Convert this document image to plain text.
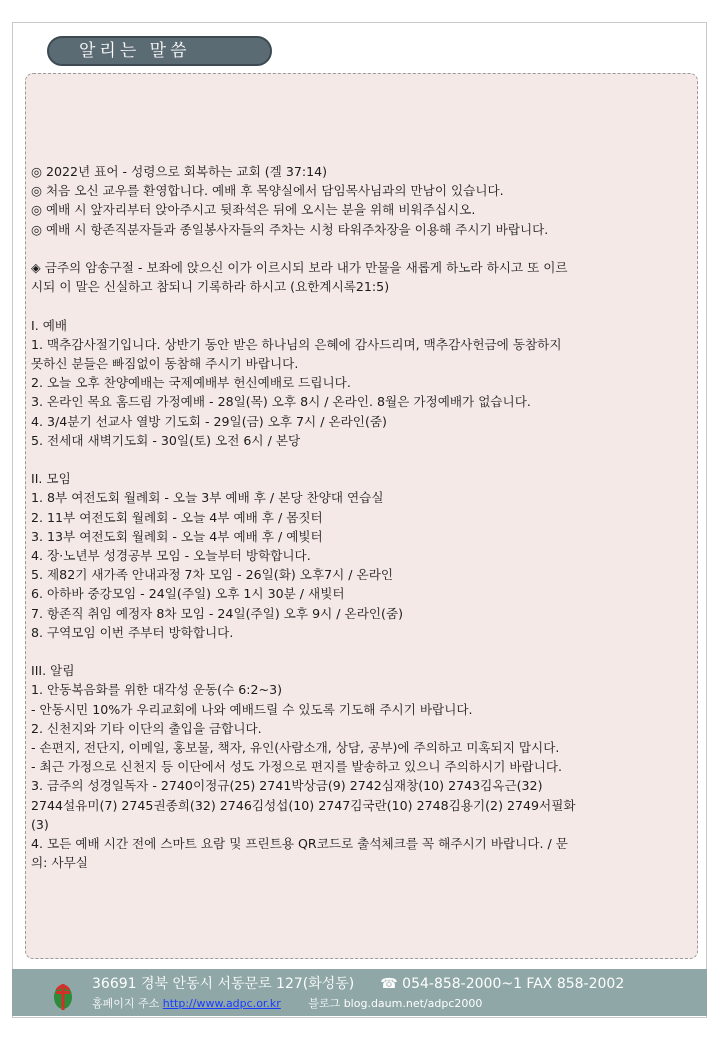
알리는 말씀

◎ 2022년 표어 - 성령으로 회복하는 교회 (겔 37:14)

◎ 처음 오신 교우를 환영합니다. 예배 후 목양실에서 담임목사님과의 만남이 있습니다.

◎ 예배 시 앞자리부터 앉아주시고 뒷좌석은 뒤에 오시는 분을 위해 비워주십시오.

◎ 예배 시 항존직분자들과 종일봉사자들의 주차는 시청 타워주차장을 이용해 주시기 바랍니다.

◈ 금주의 암송구절 - 보좌에 앉으신 이가 이르시되 보라 내가 만물을 새롭게 하노라 하시고 또 이르

시되 이 말은 신실하고 참되니 기록하라 하시고 (요한계시록21:5)

I. 예배

1. 맥추감사절기입니다. 상반기 동안 받은 하나님의 은혜에 감사드리며, 맥추감사헌금에 동참하지

못하신 분들은 빠짐없이 동참해 주시기 바랍니다.

2. 오늘 오후 찬양예배는 국제예배부 헌신예배로 드립니다.

3. 온라인 목요 홈드림 가정예배 - 28일(목) 오후 8시 / 온라인. 8월은 가정예배가 없습니다.

4. 3/4분기 선교사 열방 기도회 - 29일(금) 오후 7시 / 온라인(줌)

5. 전세대 새벽기도회 - 30일(토) 오전 6시 / 본당

II. 모임

1. 8부 여전도회 월례회 - 오늘 3부 예배 후 / 본당 찬양대 연습실

2. 11부 여전도회 월례회 - 오늘 4부 예배 후 / 몸짓터

3. 13부 여전도회 월례회 - 오늘 4부 예배 후 / 예빛터

4. 장·노년부 성경공부 모임 - 오늘부터 방학합니다.

5. 제82기 새가족 안내과정 7차 모임 - 26일(화) 오후7시 / 온라인

6. 아하바 중강모임 - 24일(주일) 오후 1시 30분 / 새빛터

7. 항존직 취임 예정자 8차 모임 - 24일(주일) 오후 9시 / 온라인(줌)

8. 구역모임 이번 주부터 방학합니다.

III. 알림

1. 안동복음화를 위한 대각성 운동(수 6:2~3)

- 안동시민 10%가 우리교회에 나와 예배드릴 수 있도록 기도해 주시기 바랍니다.

2. 신천지와 기타 이단의 출입을 금합니다.

- 손편지, 전단지, 이메일, 홍보물, 책자, 유인(사람소개, 상담, 공부)에 주의하고 미혹되지 맙시다.

- 최근 가정으로 신천지 등 이단에서 성도 가정으로 편지를 발송하고 있으니 주의하시기 바랍니다.

3. 금주의 성경일독자 - 2740이정규(25) 2741박상금(9) 2742심재창(10) 2743김옥근(32)

2744설유미(7) 2745권종희(32) 2746김성섭(10) 2747김국란(10) 2748김용기(2) 2749서필화

(3)

4. 모든 예배 시간 전에 스마트 요람 및 프린트용 QR코드로 출석체크를 꼭 해주시기 바랍니다. / 문

의: 사무실

36691 경북 안동시 서동문로 127(화성동) ☎ 054-858-2000~1 FAX 858-2002
홈페이지 주소 http://www.adpc.or.kr	블로그 blog.daum.net/adpc2000
